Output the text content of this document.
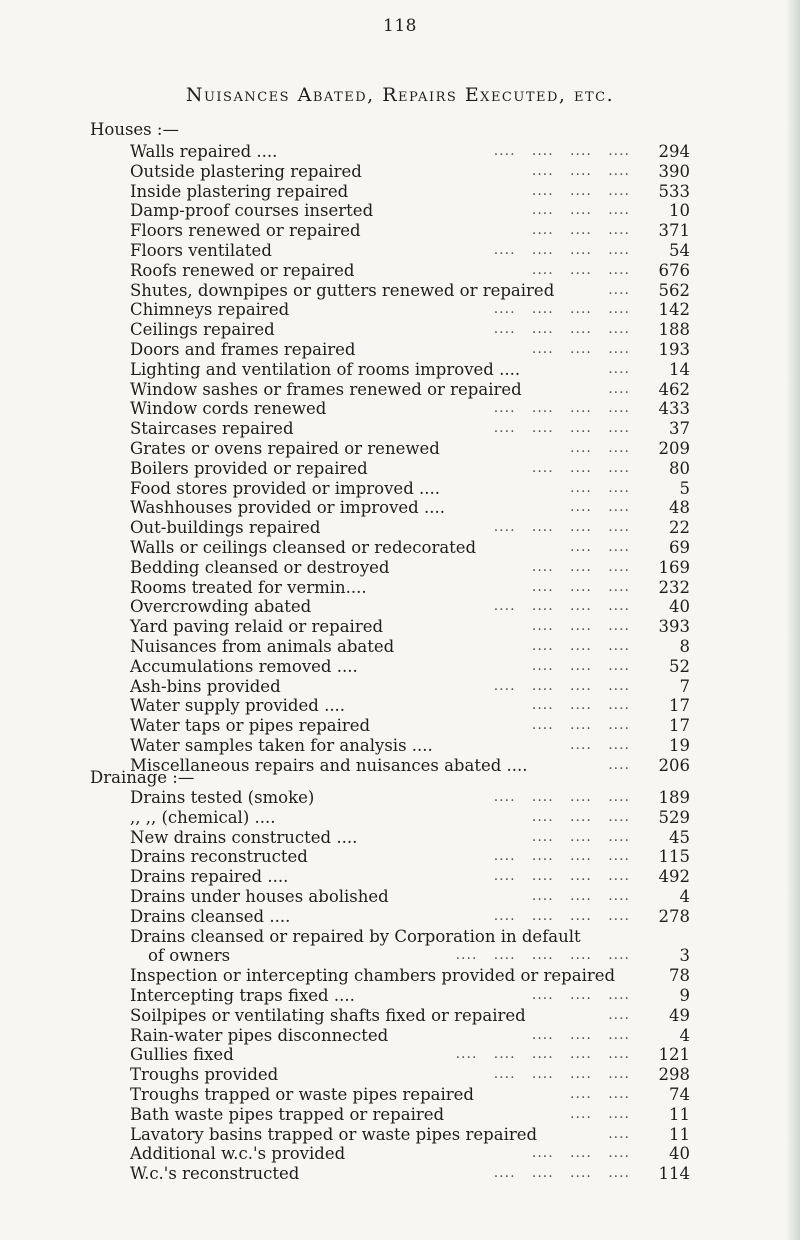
118
Nuisances Abated, Repairs Executed, etc.
Houses :—
Walls repaired ....	....   ....   ....   .... 294
Outside plastering repaired	....   ....   .... 390
Inside plastering repaired	....   ....   .... 533
Damp-proof courses inserted	....   ....   .... 10
Floors renewed or repaired	....   ....   .... 371
Floors ventilated	....   ....   ....   .... 54
Roofs renewed or repaired	....   ....   .... 676
Shutes, downpipes or gutters renewed or repaired	.... 562
Chimneys repaired	....   ....   ....   .... 142
Ceilings repaired	....   ....   ....   .... 188
Doors and frames repaired	....   ....   .... 193
Lighting and ventilation of rooms improved ....	.... 14
Window sashes or frames renewed or repaired	.... 462
Window cords renewed	....   ....   ....   .... 433
Staircases repaired	....   ....   ....   .... 37
Grates or ovens repaired or renewed	....   .... 209
Boilers provided or repaired	....   ....   .... 80
Food stores provided or improved ....	....   ....	5
Washhouses provided or improved ....	....   .... 48
Out-buildings repaired	....   ....   ....   .... 22
Walls or ceilings cleansed or redecorated	....   .... 69
Bedding cleansed or destroyed	....   ....   .... 169
Rooms treated for vermin....	....   ....   .... 232
Overcrowding abated	....   ....   ....   .... 40
Yard paving relaid or repaired	....   ....   .... 393
Nuisances from animals abated	....   ....   ....	8
Accumulations removed ....	....   ....   .... 52
Ash-bins provided	....   ....   ....   ....	7
Water supply provided ....	....   ....   .... 17
Water taps or pipes repaired	....   ....   .... 17
Water samples taken for analysis ....	....   .... 19
Miscellaneous repairs and nuisances abated ....	.... 206
Drainage :—
Drains tested (smoke)	....   ....   ....   .... 189
,, ,, (chemical) ....	....   ....   .... 529
New drains constructed ....	....   ....   .... 45
Drains reconstructed	....   ....   ....   .... 115
Drains repaired ....	....   ....   ....   .... 492
Drains under houses abolished	....   ....   ....	4
Drains cleansed ....	....   ....   ....   .... 278
Drains cleansed or repaired by Corporation in default
of owners	....   ....   ....   ....   ....	3
Inspection or intercepting chambers provided or repaired	78
Intercepting traps fixed ....	....   ....   ....	9
Soilpipes or ventilating shafts fixed or repaired	.... 49
Rain-water pipes disconnected	....   ....   ....	4
Gullies fixed	....   ....   ....   ....   .... 121
Troughs provided	....   ....   ....   .... 298
Troughs trapped or waste pipes repaired	....   .... 74
Bath waste pipes trapped or repaired	....   .... 11
Lavatory basins trapped or waste pipes repaired	.... 11
Additional w.c.'s provided	....   ....   .... 40
W.c.'s reconstructed	....   ....   ....   .... 114
